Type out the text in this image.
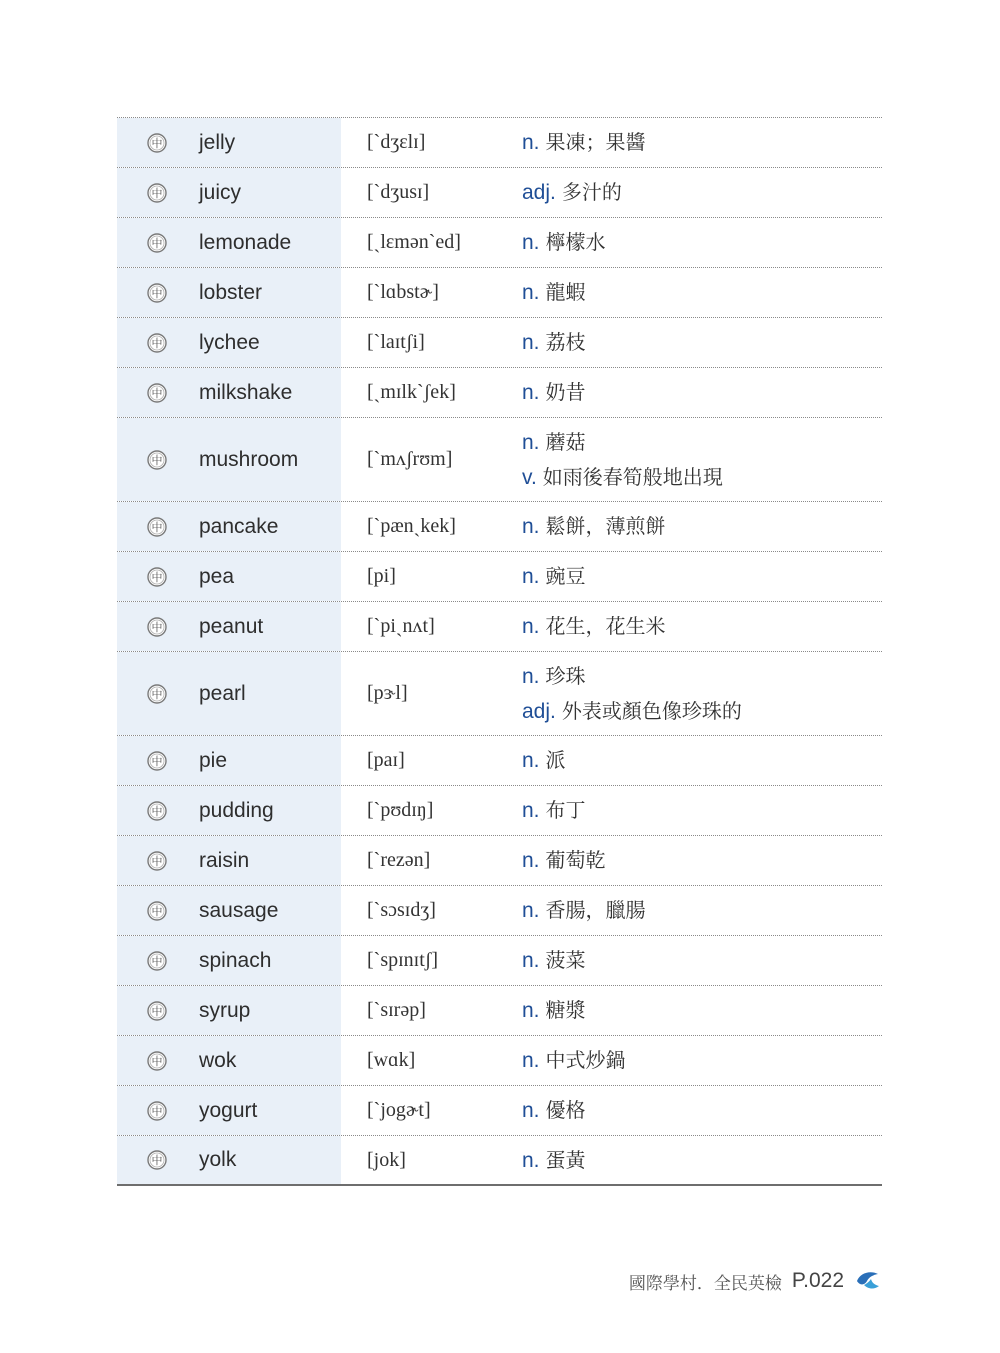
中 jelly	[ˋdʒɛlɪ]	n. 果凍；果醬
中 juicy	[ˋdʒusɪ]	adj. 多汁的
中 lemonade	[ˏlɛmənˋed]	n. 檸檬水
中 lobster	[ˋlɑbstɚ]	n. 龍蝦
中 lychee	[ˋlaɪtʃi]	n. 荔枝
中 milkshake	[ˏmɪlkˋʃek]	n. 奶昔
中 mushroom	[ˋmʌʃrʊm]
n. 蘑菇
v. 如雨後春筍般地出現
中 pancake	[ˋpænˏkek]	n. 鬆餅，薄煎餅
中 pea	[pi]	n. 豌豆
中 peanut	[ˋpiˏnʌt]	n. 花生，花生米
中 pearl	[pɝl]
n. 珍珠
adj. 外表或顏色像珍珠的
中 pie	[paɪ]	n. 派
中 pudding	[ˋpʊdɪŋ]	n. 布丁
中 raisin	[ˋrezən]	n. 葡萄乾
中 sausage	[ˋsɔsɪdʒ]	n. 香腸，臘腸
中 spinach	[ˋspɪnɪtʃ]	n. 菠菜
中 syrup	[ˋsɪrəp]	n. 糖漿
中 wok	[wɑk]	n. 中式炒鍋
中 yogurt	[ˋjogɚt]	n. 優格
中 yolk	[jok]	n. 蛋黃
國際學村．全民英檢 P.022
